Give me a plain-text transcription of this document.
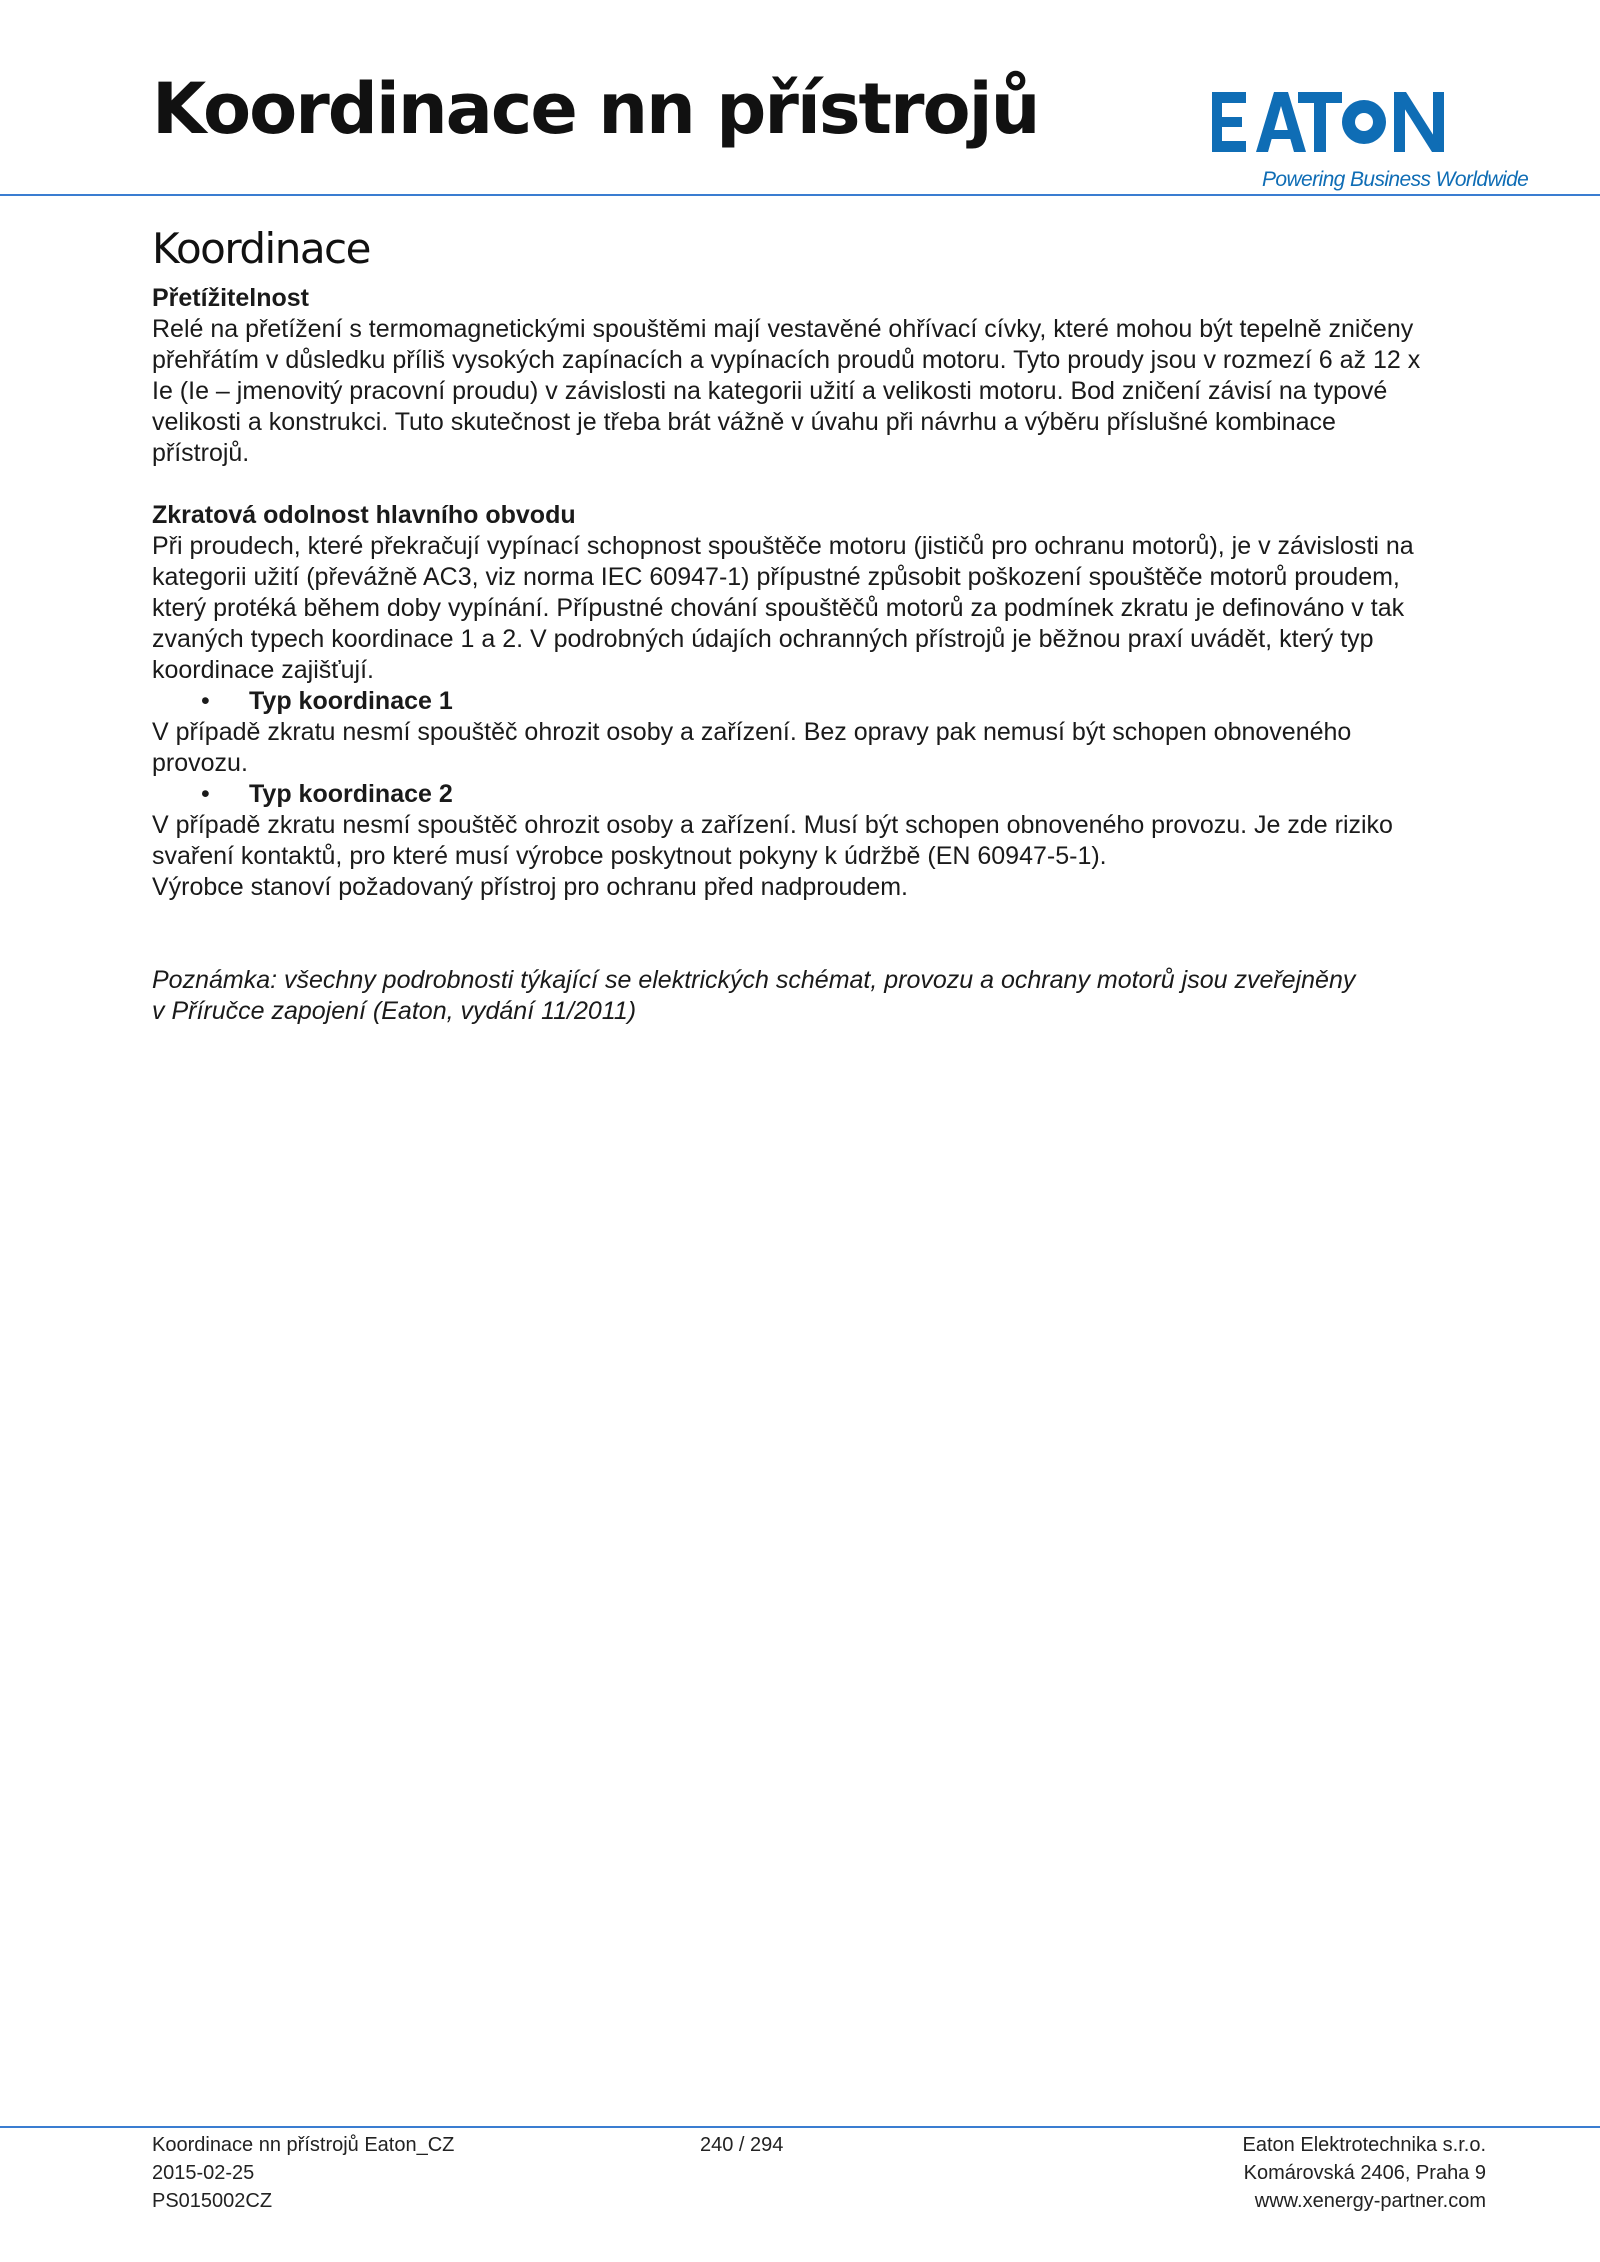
Koordinace nn přístrojů
Powering Business Worldwide
Koordinace
Přetížitelnost
Relé na přetížení s termomagnetickými spouštěmi mají vestavěné ohřívací cívky, které mohou být tepelně zničeny
přehřátím v důsledku příliš vysokých zapínacích a vypínacích proudů motoru. Tyto proudy jsou v rozmezí 6 až 12 x
Ie (Ie – jmenovitý pracovní proudu) v závislosti na kategorii užití a velikosti motoru. Bod zničení závisí na typové
velikosti a konstrukci. Tuto skutečnost je třeba brát vážně v úvahu při návrhu a výběru příslušné kombinace
přístrojů.
Zkratová odolnost hlavního obvodu
Při proudech, které překračují vypínací schopnost spouštěče motoru (jističů pro ochranu motorů), je v závislosti na
kategorii užití (převážně AC3, viz norma IEC 60947-1) přípustné způsobit poškození spouštěče motorů proudem,
který protéká během doby vypínání. Přípustné chování spouštěčů motorů za podmínek zkratu je definováno v tak
zvaných typech koordinace 1 a 2. V podrobných údajích ochranných přístrojů je běžnou praxí uvádět, který typ
koordinace zajišťují.
• Typ koordinace 1
V případě zkratu nesmí spouštěč ohrozit osoby a zařízení. Bez opravy pak nemusí být schopen obnoveného
provozu.
• Typ koordinace 2
V případě zkratu nesmí spouštěč ohrozit osoby a zařízení. Musí být schopen obnoveného provozu. Je zde riziko
svaření kontaktů, pro které musí výrobce poskytnout pokyny k údržbě (EN 60947-5-1).
Výrobce stanoví požadovaný přístroj pro ochranu před nadproudem.
Poznámka: všechny podrobnosti týkající se elektrických schémat, provozu a ochrany motorů jsou zveřejněny
v Příručce zapojení (Eaton, vydání 11/2011)
Koordinace nn přístrojů Eaton_CZ
2015-02-25
PS015002CZ
240 / 294	Eaton Elektrotechnika s.r.o.
Komárovská 2406, Praha 9
www.xenergy-partner.com
